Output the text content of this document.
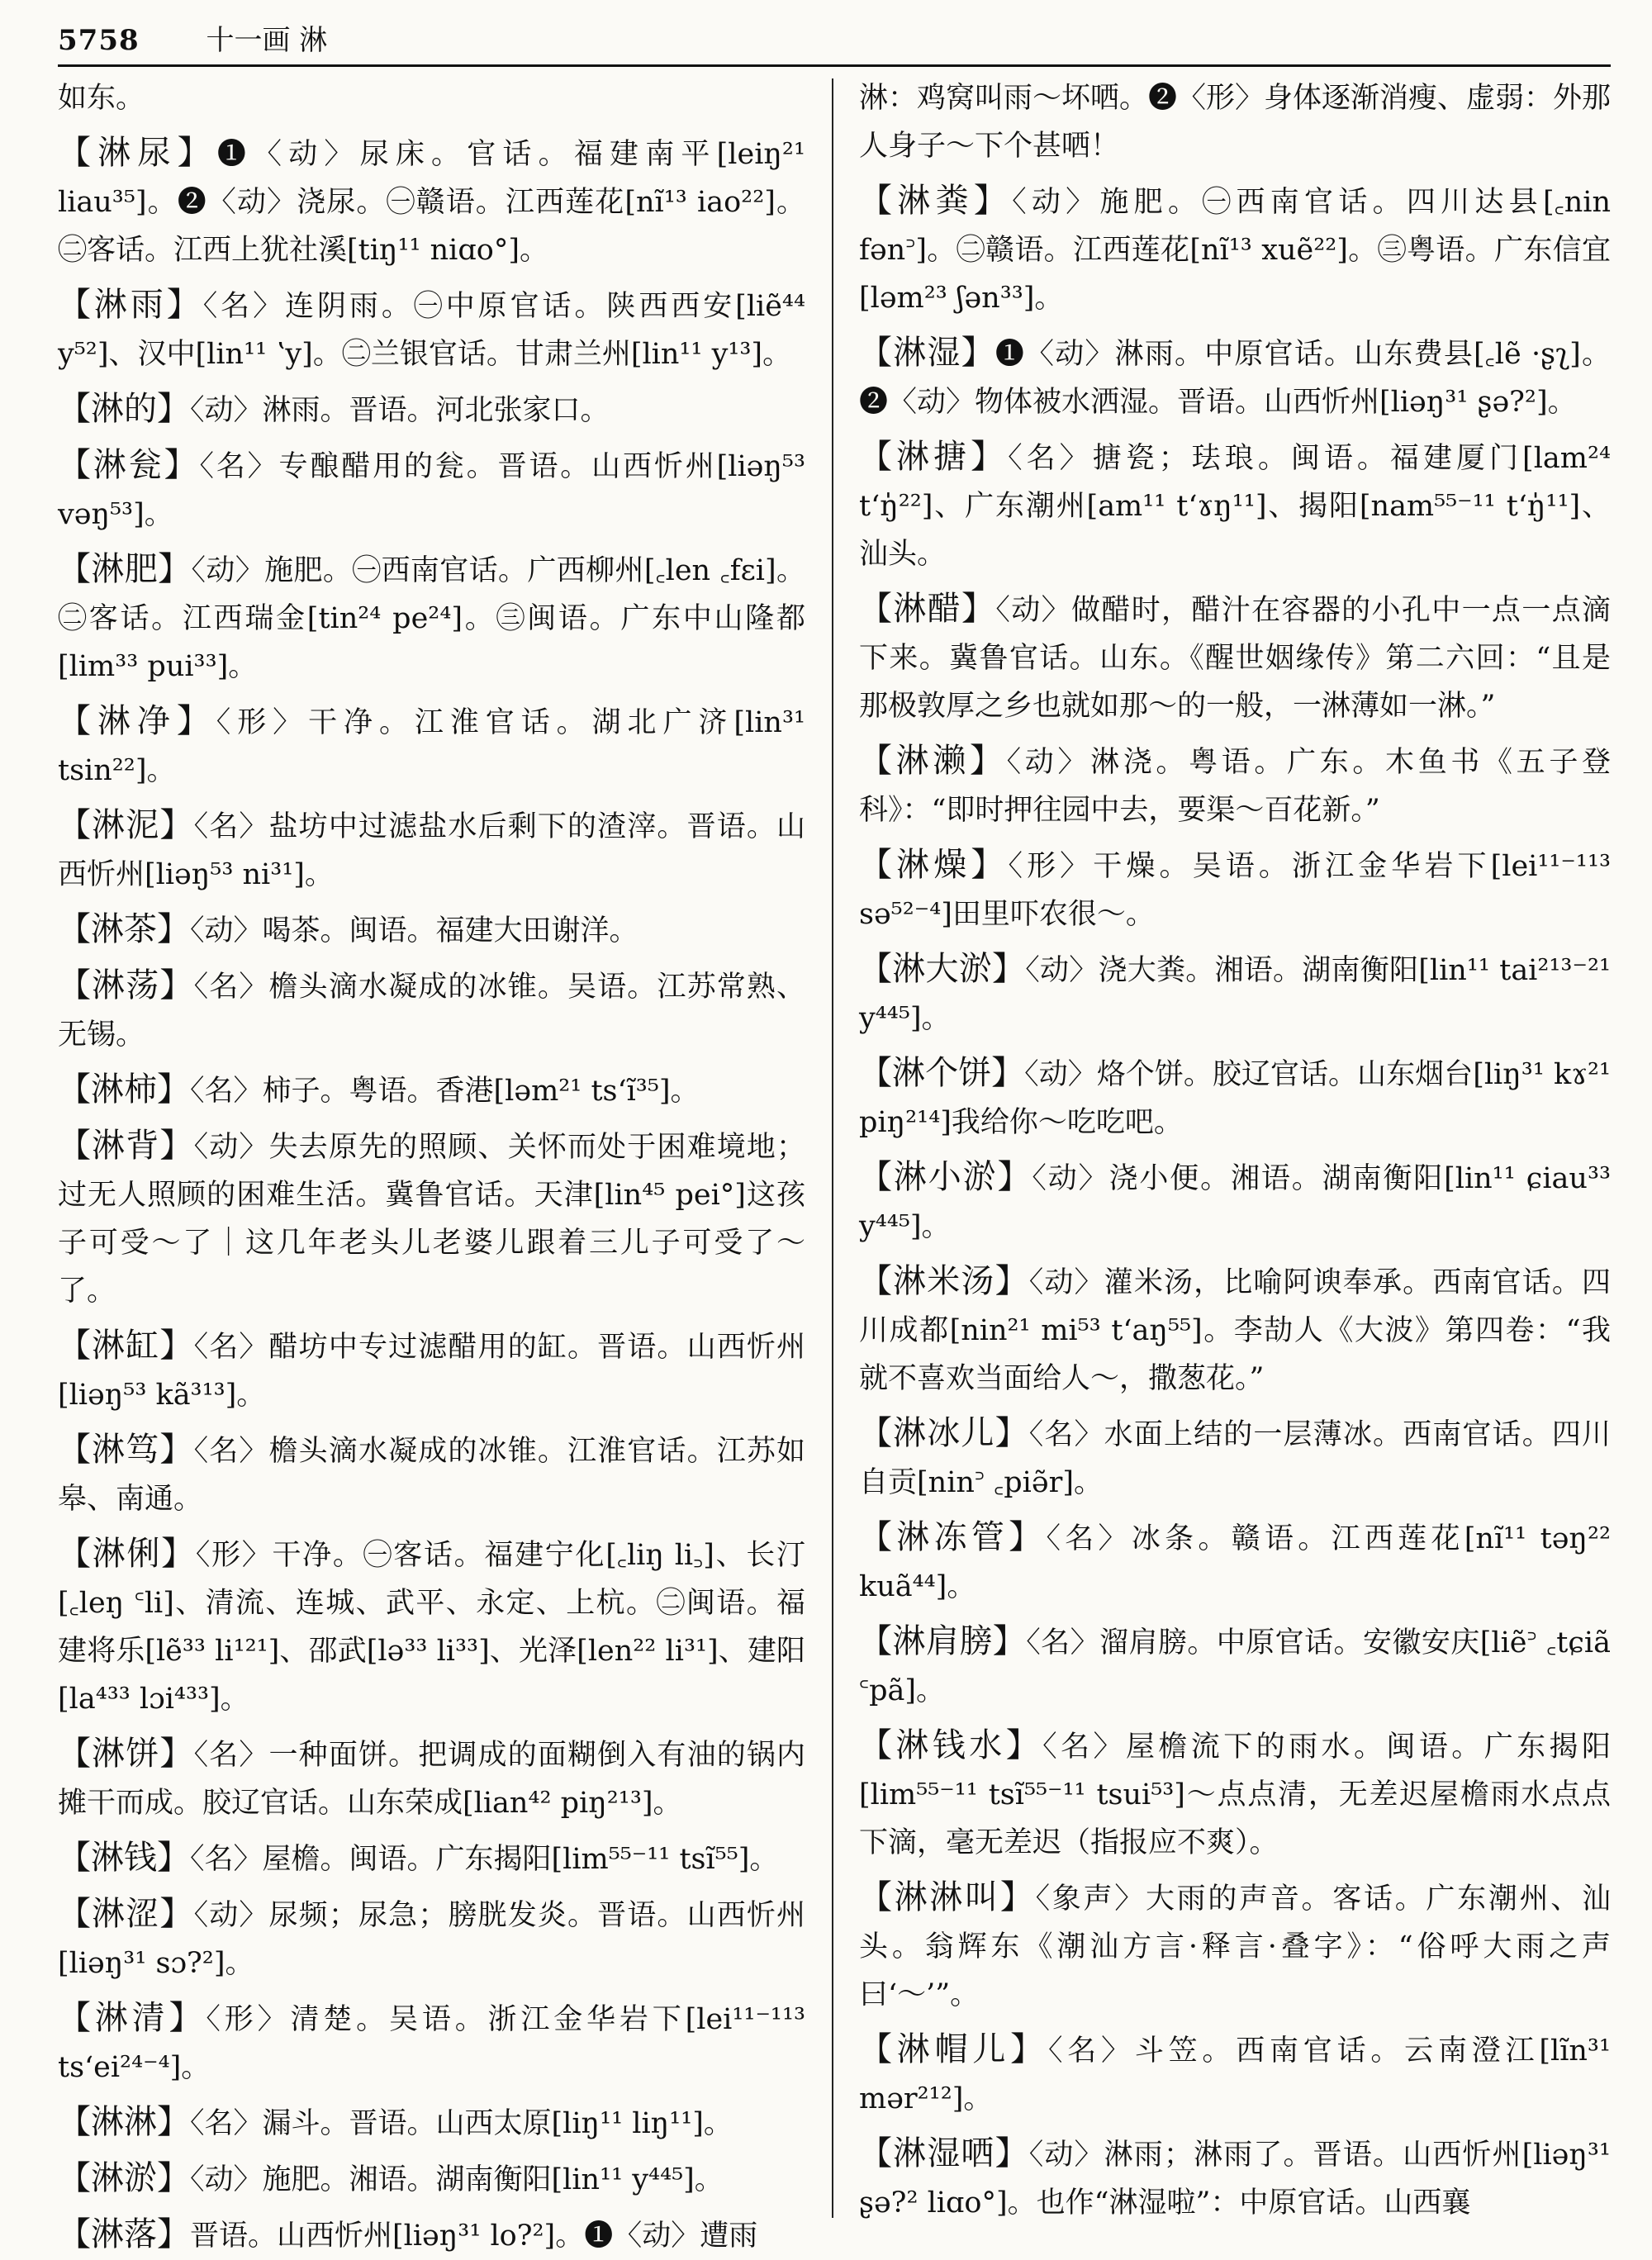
5758 十一画 淋
如东。
【淋尿】❶〈动〉尿床。官话。福建南平[leiŋ²¹ liau³⁵]。❷〈动〉浇尿。㊀赣语。江西莲花[nĩ¹³ iao²²]。㊁客话。江西上犹社溪[tiŋ¹¹ niɑo°]。
【淋雨】〈名〉连阴雨。㊀中原官话。陕西西安[liẽ⁴⁴ y⁵²]、汉中[lin¹¹ ʽy]。㊁兰银官话。甘肃兰州[lin¹¹ y¹³]。
【淋的】〈动〉淋雨。晋语。河北张家口。
【淋瓮】〈名〉专酿醋用的瓮。晋语。山西忻州[liəŋ⁵³ vəŋ⁵³]。
【淋肥】〈动〉施肥。㊀西南官话。广西柳州[꜀len ꜀fɛi]。㊁客话。江西瑞金[tin²⁴ pe²⁴]。㊂闽语。广东中山隆都[lim³³ pui³³]。
【淋净】〈形〉干净。江淮官话。湖北广济[lin³¹ tsin²²]。
【淋泥】〈名〉盐坊中过滤盐水后剩下的渣滓。晋语。山西忻州[liəŋ⁵³ ni³¹]。
【淋茶】〈动〉喝茶。闽语。福建大田谢洋。
【淋荡】〈名〉檐头滴水凝成的冰锥。吴语。江苏常熟、无锡。
【淋柿】〈名〉柿子。粤语。香港[ləm²¹ ts‘ĩ³⁵]。
【淋背】〈动〉失去原先的照顾、关怀而处于困难境地；过无人照顾的困难生活。冀鲁官话。天津[lin⁴⁵ pei°]这孩子可受～了｜这几年老头儿老婆儿跟着三儿子可受了～了。
【淋缸】〈名〉醋坊中专过滤醋用的缸。晋语。山西忻州[liəŋ⁵³ kã³¹³]。
【淋笃】〈名〉檐头滴水凝成的冰锥。江淮官话。江苏如皋、南通。
【淋俐】〈形〉干净。㊀客话。福建宁化[꜀liŋ li꜆]、长汀[꜀leŋ ꜂li]、清流、连城、武平、永定、上杭。㊁闽语。福建将乐[lẽ³³ li¹²¹]、邵武[lə³³ li³³]、光泽[len²² li³¹]、建阳[la⁴³³ lɔi⁴³³]。
【淋饼】〈名〉一种面饼。把调成的面糊倒入有油的锅内摊干而成。胶辽官话。山东荣成[lian⁴² piŋ²¹³]。
【淋钱】〈名〉屋檐。闽语。广东揭阳[lim⁵⁵⁻¹¹ tsĩ⁵⁵]。
【淋涩】〈动〉尿频；尿急；膀胱发炎。晋语。山西忻州[liəŋ³¹ sɔ?²]。
【淋清】〈形〉清楚。吴语。浙江金华岩下[lei¹¹⁻¹¹³ ts‘ei²⁴⁻⁴]。
【淋淋】〈名〉漏斗。晋语。山西太原[liŋ¹¹ liŋ¹¹]。
【淋淤】〈动〉施肥。湘语。湖南衡阳[lin¹¹ y⁴⁴⁵]。
【淋落】晋语。山西忻州[liəŋ³¹ lo?²]。❶〈动〉遭雨
淋：鸡窝叫雨～坏哂。❷〈形〉身体逐渐消瘦、虚弱：外那人身子～下个甚哂！
【淋粪】〈动〉施肥。㊀西南官话。四川达县[꜀nin fən꜄]。㊁赣语。江西莲花[nĩ¹³ xuẽ²²]。㊂粤语。广东信宜[ləm²³ ʃən³³]。
【淋湿】❶〈动〉淋雨。中原官话。山东费县[꜀lẽ ·ʂʅ]。❷〈动〉物体被水洒湿。晋语。山西忻州[liəŋ³¹ ʂə?²]。
【淋搪】〈名〉搪瓷；珐琅。闽语。福建厦门[lam²⁴ t‘ŋ̍²²]、广东潮州[am¹¹ t‘ɤŋ¹¹]、揭阳[nam⁵⁵⁻¹¹ t‘ŋ̍¹¹]、汕头。
【淋醋】〈动〉做醋时，醋汁在容器的小孔中一点一点滴下来。冀鲁官话。山东。《醒世姻缘传》第二六回：“且是那极敦厚之乡也就如那～的一般，一淋薄如一淋。”
【淋濑】〈动〉淋浇。粤语。广东。木鱼书《五子登科》：“即时押往园中去，要渠～百花新。”
【淋燥】〈形〉干燥。吴语。浙江金华岩下[lei¹¹⁻¹¹³ sə⁵²⁻⁴]田里吓农很～。
【淋大淤】〈动〉浇大粪。湘语。湖南衡阳[lin¹¹ tai²¹³⁻²¹ y⁴⁴⁵]。
【淋个饼】〈动〉烙个饼。胶辽官话。山东烟台[liŋ³¹ kɤ²¹ piŋ²¹⁴]我给你～吃吃吧。
【淋小淤】〈动〉浇小便。湘语。湖南衡阳[lin¹¹ ɕiau³³ y⁴⁴⁵]。
【淋米汤】〈动〉灌米汤，比喻阿谀奉承。西南官话。四川成都[nin²¹ mi⁵³ t‘aŋ⁵⁵]。李劼人《大波》第四卷：“我就不喜欢当面给人～，撒葱花。”
【淋冰儿】〈名〉水面上结的一层薄冰。西南官话。四川自贡[nin꜄ ꜀piə̃r]。
【淋冻管】〈名〉冰条。赣语。江西莲花[nĩ¹¹ təŋ²² kuã⁴⁴]。
【淋肩膀】〈名〉溜肩膀。中原官话。安徽安庆[liẽ꜄ ꜀tɕiã ꜂pã]。
【淋钱水】〈名〉屋檐流下的雨水。闽语。广东揭阳[lim⁵⁵⁻¹¹ tsĩ⁵⁵⁻¹¹ tsui⁵³]～点点清，无差迟屋檐雨水点点下滴，毫无差迟（指报应不爽）。
【淋淋叫】〈象声〉大雨的声音。客话。广东潮州、汕头。翁辉东《潮汕方言·释言·叠字》：“俗呼大雨之声曰‘～’”。
【淋帽儿】〈名〉斗笠。西南官话。云南澄江[lĩn³¹ mər²¹²]。
【淋湿哂】〈动〉淋雨；淋雨了。晋语。山西忻州[liəŋ³¹ ʂə?² liɑo°]。也作“淋湿啦”：中原官话。山西襄
